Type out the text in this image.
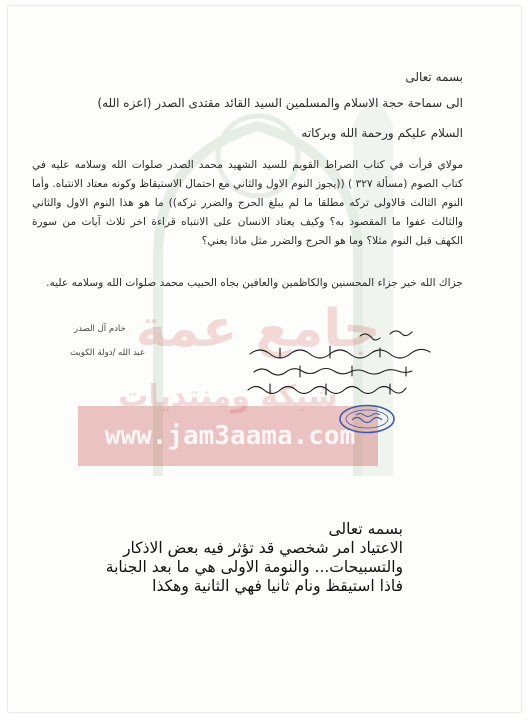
جامع عمة
شبكة ومنتديات
www.jam3aama.com
بسمه تعالى
الى سماحة حجة الاسلام والمسلمين السيد القائد مقتدى الصدر (اعزه الله)
السلام عليكم ورحمة الله وبركاته
مولاي قرأت في كتاب الصراط القويم للسيد الشهيد محمد الصدر صلوات الله وسلامه عليه في كتاب الصوم (مسألة ٣٢٧ ) ((يجوز النوم الاول والثاني مع احتمال الاستيقاظ وكونه معتاد الانتباه. وأما النوم الثالث فالاولى تركه مطلقا ما لم يبلغ الحرج والضرر تركه)) ما هو هذا النوم الاول والثاني والثالث عفوا ما المقصود به؟ وكيف يعتاد الانسان على الانتباه قراءة اخر ثلاث آيات من سورة الكهف قبل النوم مثلا؟ وما هو الحرج والضرر مثل ماذا يعني؟
جزاك الله خير جزاء المحسنين والكاظمين والعافين بجاه الحبيب محمد صلوات الله وسلامه عليه.
خادم آل الصدر
عبد الله /دولة الكويت
بسمه تعالى
الاعتياد امر شخصي قد تؤثر فيه بعض الاذكار
والتسبيحات... والنومة الاولى هي ما بعد الجنابة
فاذا استيقظ ونام ثانيا فهي الثانية وهكذا
